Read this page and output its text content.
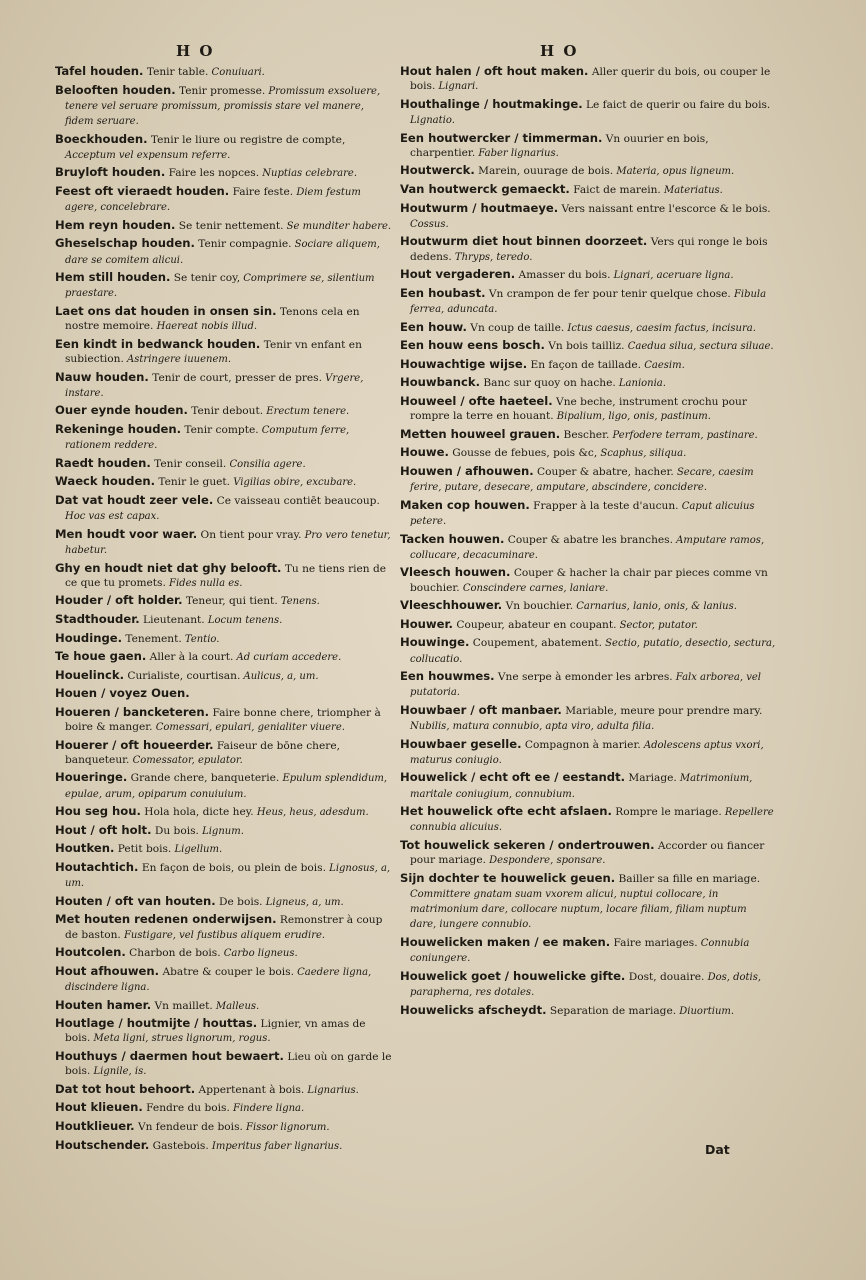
H O	H O
Tafel houden. Tenir table. Conuiuari.
Belooften houden. Tenir promesse. Promissum exsoluere, tenere vel seruare promissum, promissis stare vel manere, fidem seruare.
Boeckhouden. Tenir le liure ou registre de compte, Acceptum vel expensum referre.
Bruyloft houden. Faire les nopces. Nuptias celebrare.
Feest oft vieraedt houden. Faire feste. Diem festum agere, concelebrare.
Hem reyn houden. Se tenir nettement. Se munditer habere.
Gheselschap houden. Tenir compagnie. Sociare aliquem, dare se comitem alicui.
Hem still houden. Se tenir coy, Comprimere se, silentium praestare.
Laet ons dat houden in onsen sin. Tenons cela en nostre memoire. Haereat nobis illud.
Een kindt in bedwanck houden. Tenir vn enfant en subiection. Astringere iuuenem.
Nauw houden. Tenir de court, presser de pres. Vrgere, instare.
Ouer eynde houden. Tenir debout. Erectum tenere.
Rekeninge houden. Tenir compte. Computum ferre, rationem reddere.
Raedt houden. Tenir conseil. Consilia agere.
Waeck houden. Tenir le guet. Vigilias obire, excubare.
Dat vat houdt zeer vele. Ce vaisseau contiēt beaucoup. Hoc vas est capax.
Men houdt voor waer. On tient pour vray. Pro vero tenetur, habetur.
Ghy en houdt niet dat ghy belooft. Tu ne tiens rien de ce que tu promets. Fides nulla es.
Houder / oft holder. Teneur, qui tient. Tenens.
Stadthouder. Lieutenant. Locum tenens.
Houdinge. Tenement. Tentio.
Te houe gaen. Aller à la court. Ad curiam accedere.
Houelinck. Curialiste, courtisan. Aulicus, a, um.
Houen / voyez Ouen.
Houeren / bancketeren. Faire bonne chere, triompher à boire & manger. Comessari, epulari, genialiter viuere.
Houerer / oft houeerder. Faiseur de bōne chere, banqueteur. Comessator, epulator.
Houeringe. Grande chere, banqueterie. Epulum splendidum, epulae, arum, opiparum conuiuium.
Hou seg hou. Hola hola, dicte hey. Heus, heus, adesdum.
Hout / oft holt. Du bois. Lignum.
Houtken. Petit bois. Ligellum.
Houtachtich. En façon de bois, ou plein de bois. Lignosus, a, um.
Houten / oft van houten. De bois. Ligneus, a, um.
Met houten redenen onderwijsen. Remonstrer à coup de baston. Fustigare, vel fustibus aliquem erudire.
Houtcolen. Charbon de bois. Carbo ligneus.
Hout afhouwen. Abatre & couper le bois. Caedere ligna, discindere ligna.
Houten hamer. Vn maillet. Malleus.
Houtlage / houtmijte / houttas. Lignier, vn amas de bois. Meta ligni, strues lignorum, rogus.
Houthuys / daermen hout bewaert. Lieu où on garde le bois. Lignile, is.
Dat tot hout behoort. Appertenant à bois. Lignarius.
Hout klieuen. Fendre du bois. Findere ligna.
Houtklieuer. Vn fendeur de bois. Fissor lignorum.
Houtschender. Gastebois. Imperitus faber lignarius.
Hout halen / oft hout maken. Aller querir du bois, ou couper le bois. Lignari.
Houthalinge / houtmakinge. Le faict de querir ou faire du bois. Lignatio.
Een houtwercker / timmerman. Vn ouurier en bois, charpentier. Faber lignarius.
Houtwerck. Marein, ouurage de bois. Materia, opus ligneum.
Van houtwerck gemaeckt. Faict de marein. Materiatus.
Houtwurm / houtmaeye. Vers naissant entre l'escorce & le bois. Cossus.
Houtwurm diet hout binnen doorzeet. Vers qui ronge le bois dedens. Thryps, teredo.
Hout vergaderen. Amasser du bois. Lignari, aceruare ligna.
Een houbast. Vn crampon de fer pour tenir quelque chose. Fibula ferrea, aduncata.
Een houw. Vn coup de taille. Ictus caesus, caesim factus, incisura.
Een houw eens bosch. Vn bois tailliz. Caedua silua, sectura siluae.
Houwachtige wijse. En façon de taillade. Caesim.
Houwbanck. Banc sur quoy on hache. Lanionia.
Houweel / ofte haeteel. Vne beche, instrument crochu pour rompre la terre en houant. Bipalium, ligo, onis, pastinum.
Metten houweel grauen. Bescher. Perfodere terram, pastinare.
Houwe. Gousse de febues, pois &c, Scaphus, siliqua.
Houwen / afhouwen. Couper & abatre, hacher. Secare, caesim ferire, putare, desecare, amputare, abscindere, concidere.
Maken cop houwen. Frapper à la teste d'aucun. Caput alicuius petere.
Tacken houwen. Couper & abatre les branches. Amputare ramos, collucare, decacuminare.
Vleesch houwen. Couper & hacher la chair par pieces comme vn bouchier. Conscindere carnes, laniare.
Vleeschhouwer. Vn bouchier. Carnarius, lanio, onis, & lanius.
Houwer. Coupeur, abateur en coupant. Sector, putator.
Houwinge. Coupement, abatement. Sectio, putatio, desectio, sectura, collucatio.
Een houwmes. Vne serpe à emonder les arbres. Falx arborea, vel putatoria.
Houwbaer / oft manbaer. Mariable, meure pour prendre mary. Nubilis, matura connubio, apta viro, adulta filia.
Houwbaer geselle. Compagnon à marier. Adolescens aptus vxori, maturus coniugio.
Houwelick / echt oft ee / eestandt. Mariage. Matrimonium, maritale coniugium, connubium.
Het houwelick ofte echt afslaen. Rompre le mariage. Repellere connubia alicuius.
Tot houwelick sekeren / ondertrouwen. Accorder ou fiancer pour mariage. Despondere, sponsare.
Sijn dochter te houwelick geuen. Bailler sa fille en mariage. Committere gnatam suam vxorem alicui, nuptui collocare, in matrimonium dare, collocare nuptum, locare filiam, filiam nuptum dare, iungere connubio.
Houwelicken maken / ee maken. Faire mariages. Connubia coniungere.
Houwelick goet / houwelicke gifte. Dost, douaire. Dos, dotis, parapherna, res dotales.
Houwelicks afscheydt. Separation de mariage. Diuortium.
Dat
